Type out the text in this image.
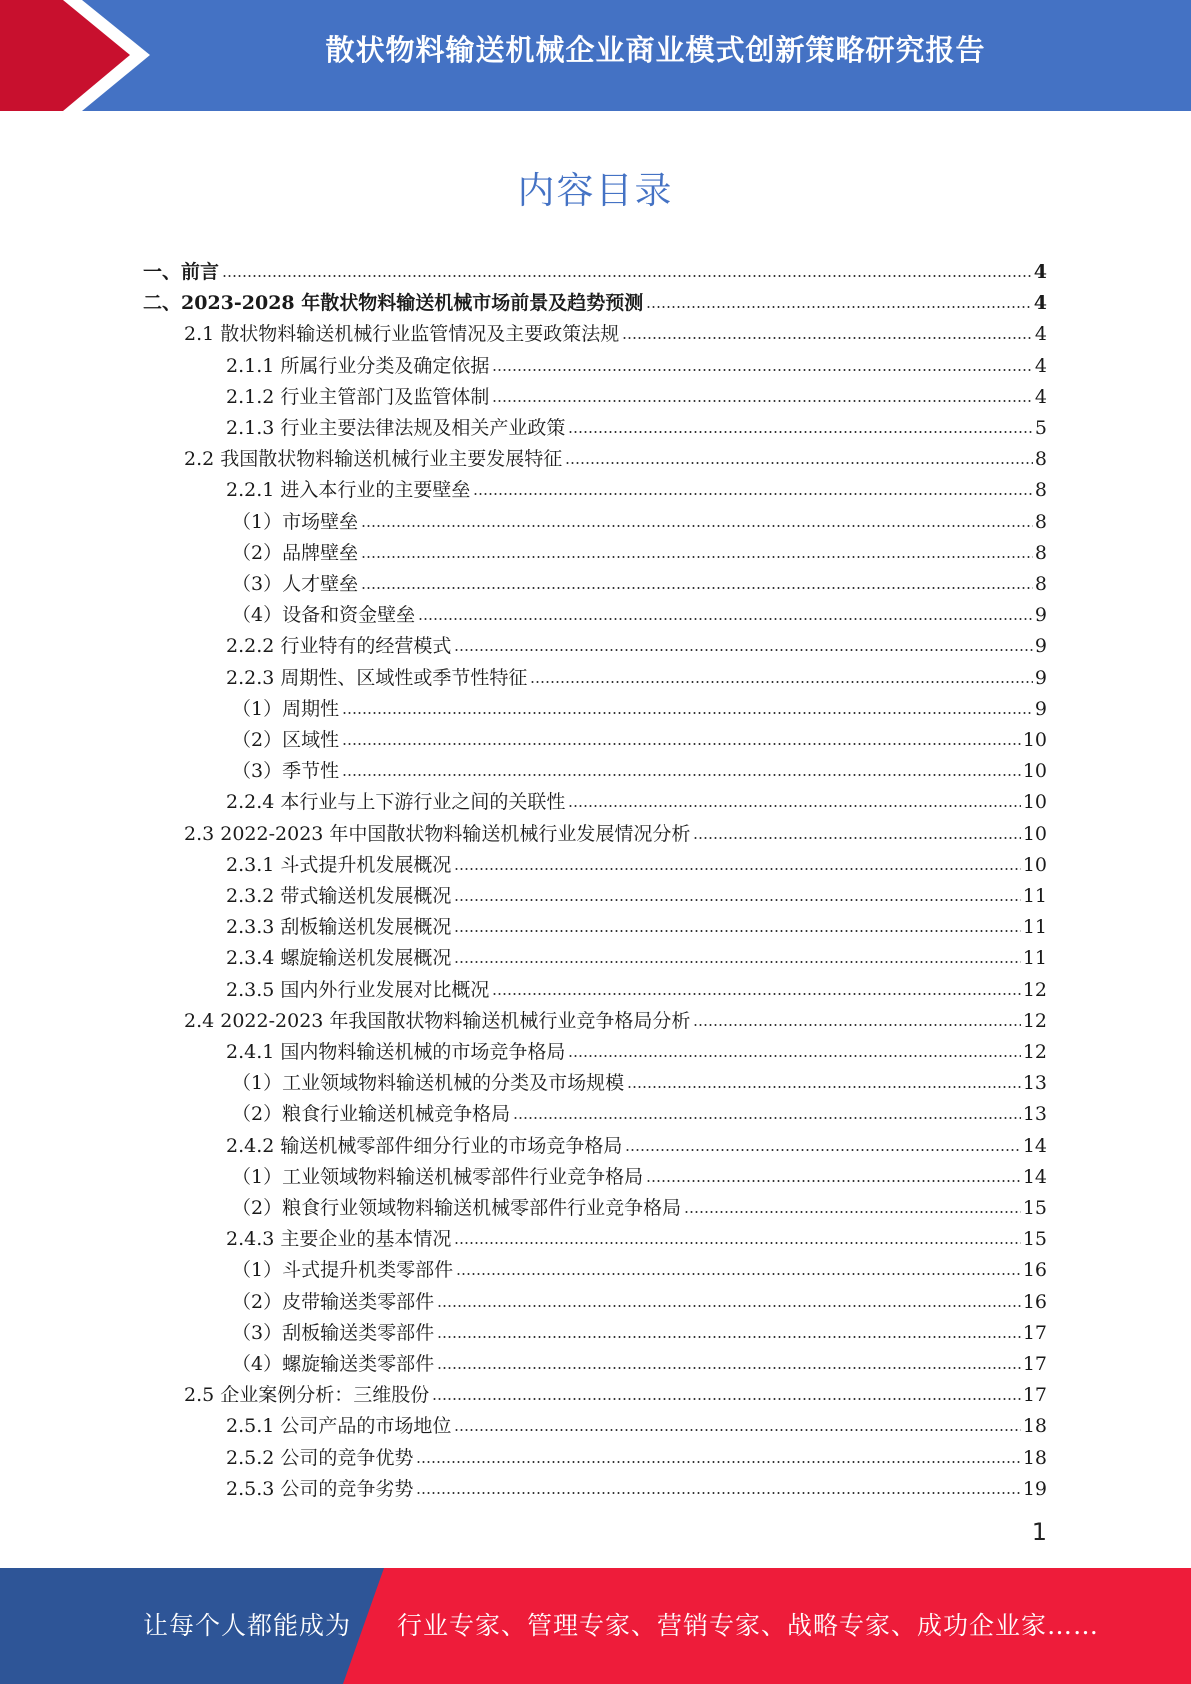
散状物料输送机械企业商业模式创新策略研究报告
内容目录
一、前言	4
二、2023-2028 年散状物料输送机械市场前景及趋势预测	4
2.1 散状物料输送机械行业监管情况及主要政策法规	4
2.1.1 所属行业分类及确定依据	4
2.1.2 行业主管部门及监管体制	4
2.1.3 行业主要法律法规及相关产业政策	5
2.2 我国散状物料输送机械行业主要发展特征	8
2.2.1 进入本行业的主要壁垒	8
（1）市场壁垒	8
（2）品牌壁垒	8
（3）人才壁垒	8
（4）设备和资金壁垒	9
2.2.2 行业特有的经营模式	9
2.2.3 周期性、区域性或季节性特征	9
（1）周期性	9
（2）区域性	10
（3）季节性	10
2.2.4 本行业与上下游行业之间的关联性	10
2.3 2022-2023 年中国散状物料输送机械行业发展情况分析	10
2.3.1 斗式提升机发展概况	10
2.3.2 带式输送机发展概况	11
2.3.3 刮板输送机发展概况	11
2.3.4 螺旋输送机发展概况	11
2.3.5 国内外行业发展对比概况	12
2.4 2022-2023 年我国散状物料输送机械行业竞争格局分析	12
2.4.1 国内物料输送机械的市场竞争格局	12
（1）工业领域物料输送机械的分类及市场规模	13
（2）粮食行业输送机械竞争格局	13
2.4.2 输送机械零部件细分行业的市场竞争格局	14
（1）工业领域物料输送机械零部件行业竞争格局	14
（2）粮食行业领域物料输送机械零部件行业竞争格局	15
2.4.3 主要企业的基本情况	15
（1）斗式提升机类零部件	16
（2）皮带输送类零部件	16
（3）刮板输送类零部件	17
（4）螺旋输送类零部件	17
2.5 企业案例分析：三维股份	17
2.5.1 公司产品的市场地位	18
2.5.2 公司的竞争优势	18
2.5.3 公司的竞争劣势	19
1
让每个人都能成为 行业专家、管理专家、营销专家、战略专家、成功企业家……
